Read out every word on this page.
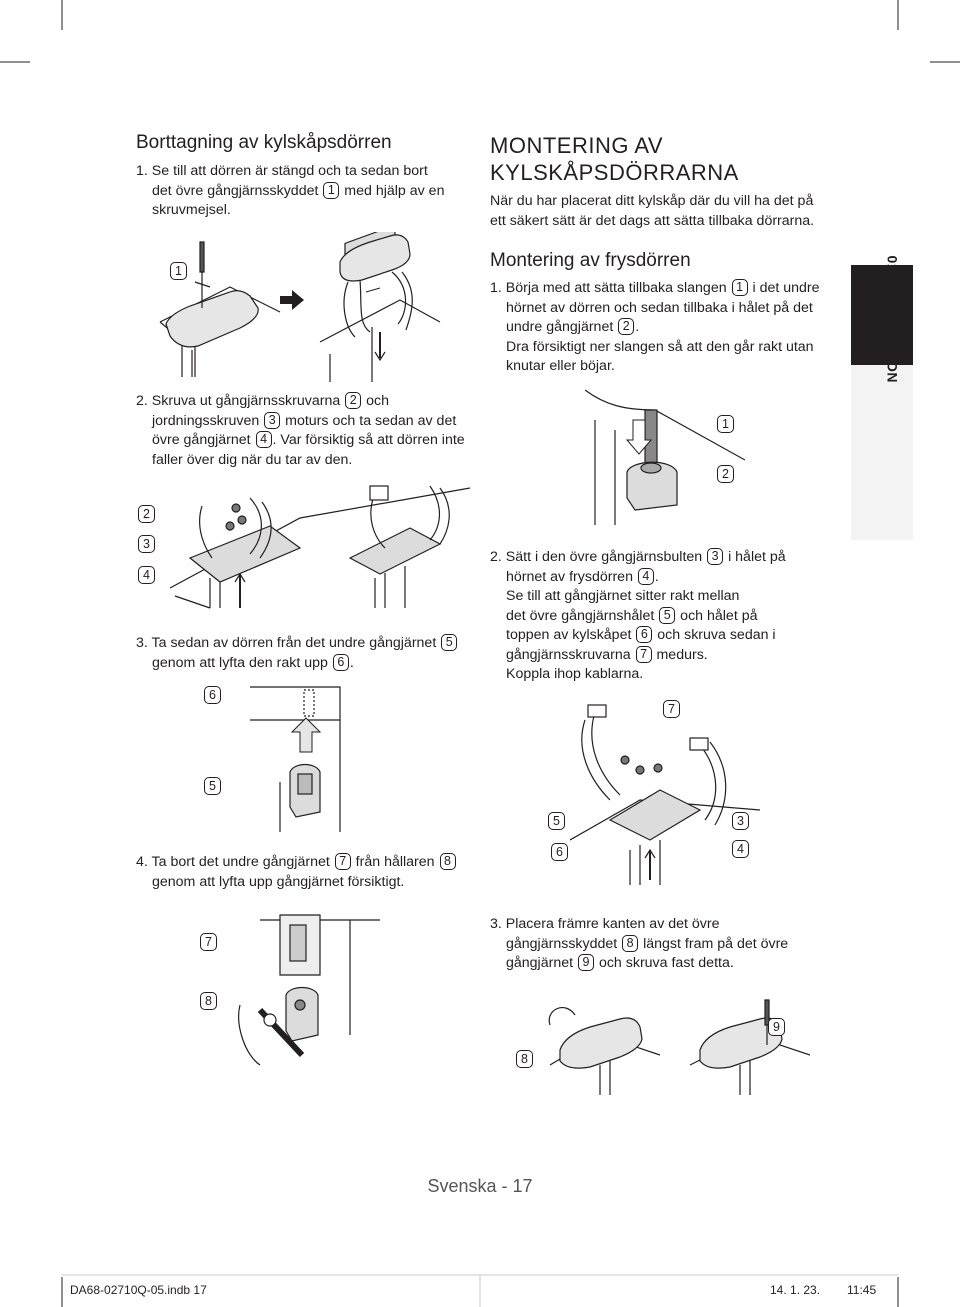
Borttagning av kylskåpsdörren
1. Se till att dörren är stängd och ta sedan bort
det övre gångjärnsskyddet 1 med hjälp av en
skruvmejsel.
1
2. Skruva ut gångjärnsskruvarna 2 och
jordningsskruven 3 moturs och ta sedan av det
övre gångjärnet 4 . Var försiktig så att dörren inte
faller över dig när du tar av den.
2
3
4
3. Ta sedan av dörren från det undre gångjärnet 5
genom att lyfta den rakt upp 6 .
6
5
4. Ta bort det undre gångjärnet 7 från hållaren 8
genom att lyfta upp gångjärnet försiktigt.
7
8
MONTERING AV
KYLSKÅPSDÖRRARNA
När du har placerat ditt kylskåp där du vill ha det på
ett säkert sätt är det dags att sätta tillbaka dörrarna.
Montering av frysdörren
1. Börja med att sätta tillbaka slangen 1 i det undre
hörnet av dörren och sedan tillbaka i hålet på det
undre gångjärnet 2 .
Dra försiktigt ner slangen så att den går rakt utan
knutar eller böjar.
1
2
2. Sätt i den övre gångjärnsbulten 3 i hålet på
hörnet av frysdörren 4 .
Se till att gångjärnet sitter rakt mellan
det övre gångjärnshålet 5 och hålet på
toppen av kylskåpet 6 och skruva sedan i
gångjärnsskruvarna 7 medurs.
Koppla ihop kablarna.
7
5	3
6	4
3. Placera främre kanten av det övre
gångjärnsskyddet 8 längst fram på det övre
gångjärnet 9 och skruva fast detta.
8
9
01 INSTALLATION
Svenska - 17
DA68-02710Q-05.indb 17	14. 1. 23. 11:45
